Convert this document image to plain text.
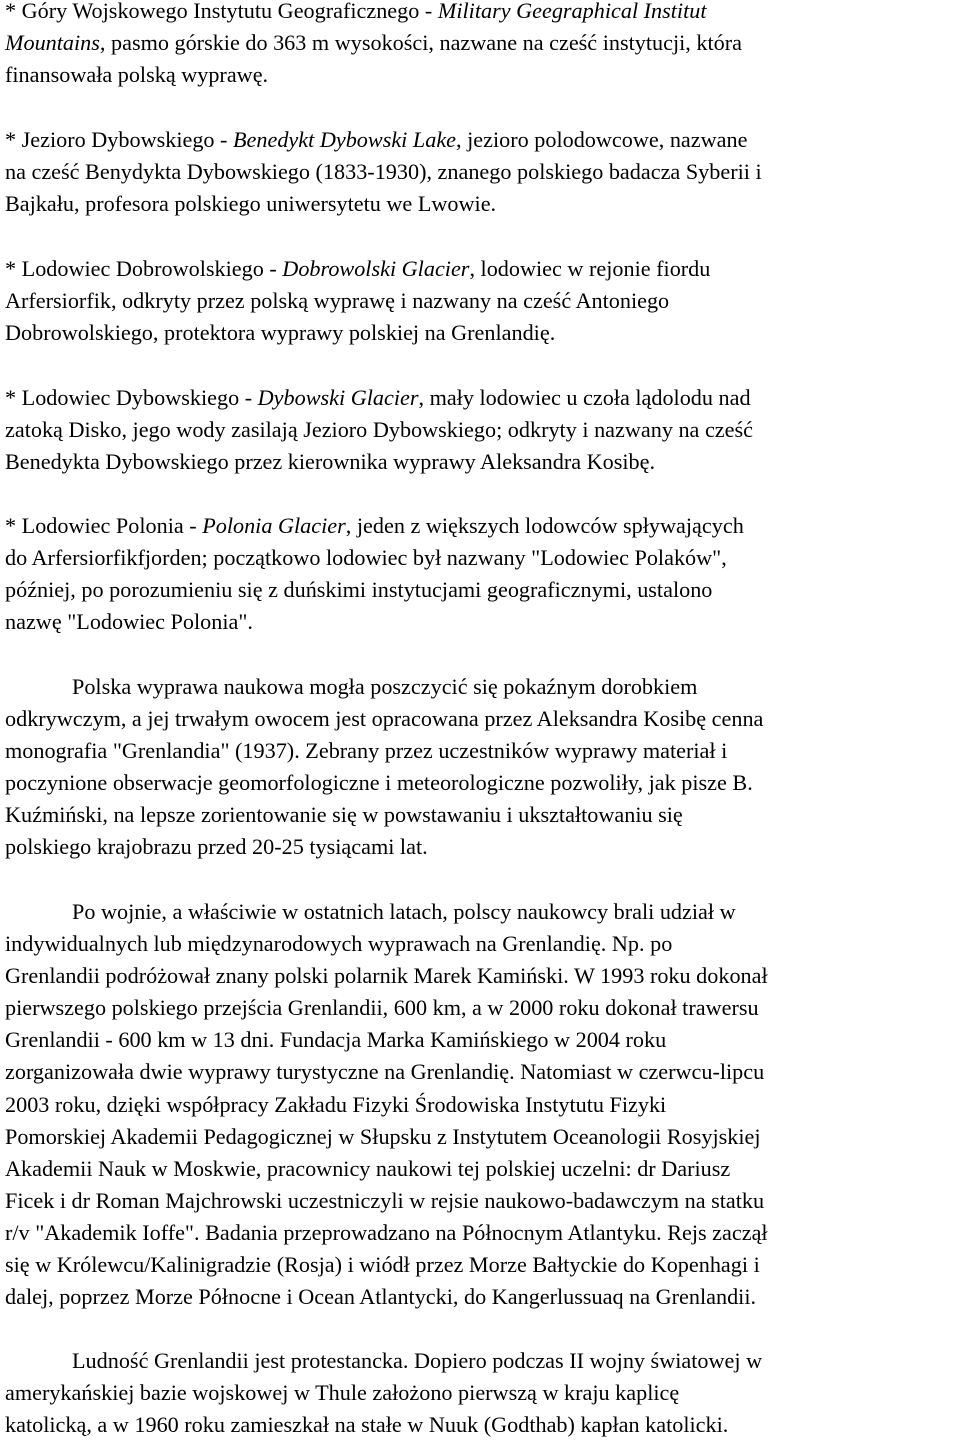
* Góry Wojskowego Instytutu Geograficznego - Military Geegraphical Institut
Mountains, pasmo górskie do 363 m wysokości, nazwane na cześć instytucji, która
finansowała polską wyprawę.
* Jezioro Dybowskiego - Benedykt Dybowski Lake, jezioro polodowcowe, nazwane
na cześć Benydykta Dybowskiego (1833-1930), znanego polskiego badacza Syberii i
Bajkału, profesora polskiego uniwersytetu we Lwowie.
* Lodowiec Dobrowolskiego - Dobrowolski Glacier, lodowiec w rejonie fiordu
Arfersiorfik, odkryty przez polską wyprawę i nazwany na cześć Antoniego
Dobrowolskiego, protektora wyprawy polskiej na Grenlandię.
* Lodowiec Dybowskiego - Dybowski Glacier, mały lodowiec u czoła lądolodu nad
zatoką Disko, jego wody zasilają Jezioro Dybowskiego; odkryty i nazwany na cześć
Benedykta Dybowskiego przez kierownika wyprawy Aleksandra Kosibę.
* Lodowiec Polonia - Polonia Glacier, jeden z większych lodowców spływających
do Arfersiorfikfjorden; początkowo lodowiec był nazwany "Lodowiec Polaków",
później, po porozumieniu się z duńskimi instytucjami geograficznymi, ustalono
nazwę "Lodowiec Polonia".
Polska wyprawa naukowa mogła poszczycić się pokaźnym dorobkiem
odkrywczym, a jej trwałym owocem jest opracowana przez Aleksandra Kosibę cenna
monografia "Grenlandia" (1937). Zebrany przez uczestników wyprawy materiał i
poczynione obserwacje geomorfologiczne i meteorologiczne pozwoliły, jak pisze B.
Kuźmiński, na lepsze zorientowanie się w powstawaniu i ukształtowaniu się
polskiego krajobrazu przed 20-25 tysiącami lat.
Po wojnie, a właściwie w ostatnich latach, polscy naukowcy brali udział w
indywidualnych lub międzynarodowych wyprawach na Grenlandię. Np. po
Grenlandii podróżował znany polski polarnik Marek Kamiński. W 1993 roku dokonał
pierwszego polskiego przejścia Grenlandii, 600 km, a w 2000 roku dokonał trawersu
Grenlandii - 600 km w 13 dni. Fundacja Marka Kamińskiego w 2004 roku
zorganizowała dwie wyprawy turystyczne na Grenlandię. Natomiast w czerwcu-lipcu
2003 roku, dzięki współpracy Zakładu Fizyki Środowiska Instytutu Fizyki
Pomorskiej Akademii Pedagogicznej w Słupsku z Instytutem Oceanologii Rosyjskiej
Akademii Nauk w Moskwie, pracownicy naukowi tej polskiej uczelni: dr Dariusz
Ficek i dr Roman Majchrowski uczestniczyli w rejsie naukowo-badawczym na statku
r/v "Akademik Ioffe". Badania przeprowadzano na Północnym Atlantyku. Rejs zaczął
się w Królewcu/Kalinigradzie (Rosja) i wiódł przez Morze Bałtyckie do Kopenhagi i
dalej, poprzez Morze Północne i Ocean Atlantycki, do Kangerlussuaq na Grenlandii.
Ludność Grenlandii jest protestancka. Dopiero podczas II wojny światowej w
amerykańskiej bazie wojskowej w Thule założono pierwszą w kraju kaplicę
katolicką, a w 1960 roku zamieszkał na stałe w Nuuk (Godthab) kapłan katolicki.
